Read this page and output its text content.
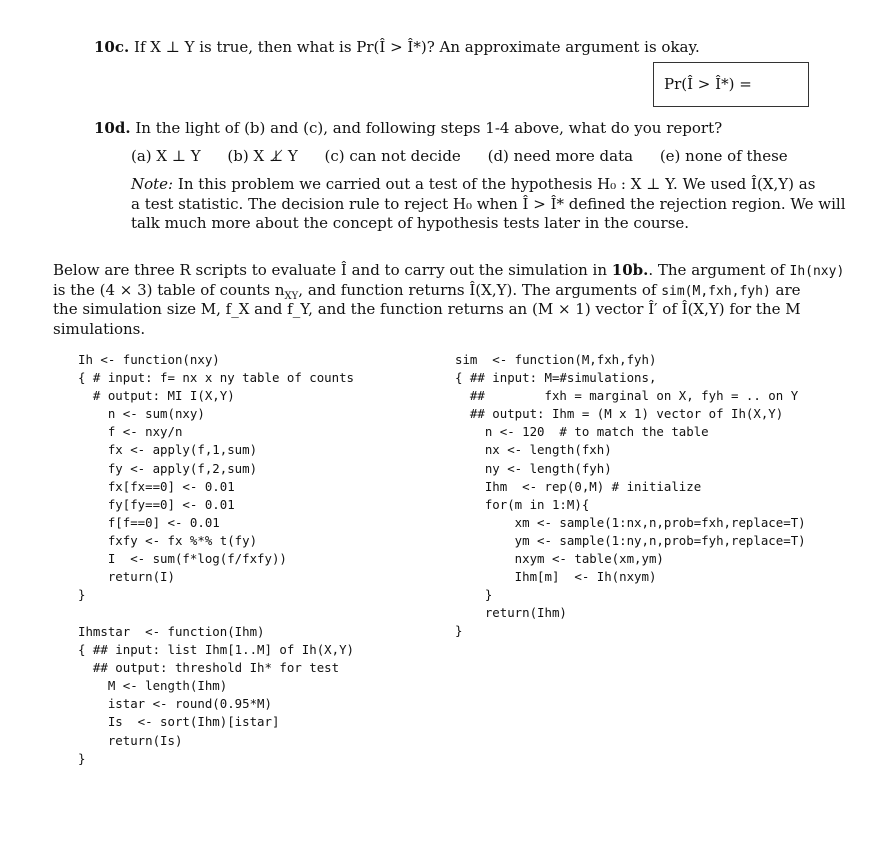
10c. If X ⊥ Y is true, then what is Pr(Î > Î*)? An approximate argument is okay.
Pr(Î > Î*) =
10d. In the light of (b) and (c), and following steps 1-4 above, what do you report?
(a) X ⊥ Y (b) X ⊥̸ Y (c) can not decide (d) need more data (e) none of these
Note: In this problem we carried out a test of the hypothesis H₀ : X ⊥ Y. We used Î(X,Y) as
a test statistic. The decision rule to reject H₀ when Î > Î* defined the rejection region. We will
talk much more about the concept of hypothesis tests later in the course.
Below are three R scripts to evaluate Î and to carry out the simulation in 10b.. The argument of Ih(nxy)
is the (4 × 3) table of counts $n_{XY}$, and function returns Î(X,Y). The arguments of sim(M,fxh,fyh) are
the simulation size M, f_X and f_Y, and the function returns an (M × 1) vector Î′ of Î(X,Y) for the M
simulations.
Ih <- function(nxy)
{ # input: f= nx x ny table of counts
# output: MI I(X,Y)
n <- sum(nxy)
f <- nxy/n
fx <- apply(f,1,sum)
fy <- apply(f,2,sum)
fx[fx==0] <- 0.01
fy[fy==0] <- 0.01
f[f==0] <- 0.01
fxfy <- fx %*% t(fy)
I  <- sum(f*log(f/fxfy))
return(I)
}
sim  <- function(M,fxh,fyh)
{ ## input: M=#simulations,
##        fxh = marginal on X, fyh = .. on Y
## output: Ihm = (M x 1) vector of Ih(X,Y)
n <- 120  # to match the table
nx <- length(fxh)
ny <- length(fyh)
Ihm  <- rep(0,M) # initialize
for(m in 1:M){
xm <- sample(1:nx,n,prob=fxh,replace=T)
ym <- sample(1:ny,n,prob=fyh,replace=T)
nxym <- table(xm,ym)
Ihm[m]  <- Ih(nxym)
}
return(Ihm)
}
Ihmstar  <- function(Ihm)
{ ## input: list Ihm[1..M] of Ih(X,Y)
## output: threshold Ih* for test
M <- length(Ihm)
istar <- round(0.95*M)
Is  <- sort(Ihm)[istar]
return(Is)
}
